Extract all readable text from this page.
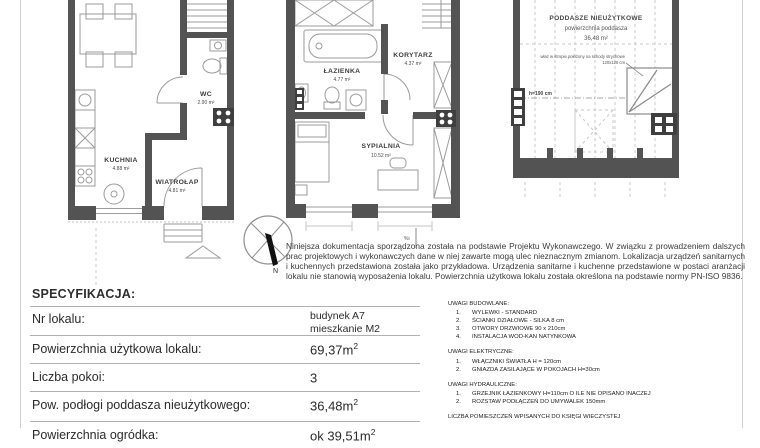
KUCHNIA
4.88 m²
WC
2.90 m²
WIATROŁAP
4.81 m²
ŁAZIENKA
4.77 m²
KORYTARZ
4.37 m²
SYPIALNIA
10.52 m²
%i
PODDASZE NIEUŻYTKOWE
powierzchnia poddasza
36,48 m²
właz w stropie położony na schody strychowe
120x120 cm
h=190 cm
N
Niniejsza dokumentacja sporządzona została na podstawie Projektu Wykonawczego. W związku z prowadzeniem dalszych prac projektowych i wykonawczych dane w niej zawarte mogą ulec nieznacznym zmianom. Lokalizacja urządzeń sanitarnych i kuchennych przedstawiona została jako przykładowa. Urządzenia sanitarne i kuchenne przedstawione w postaci aranżacji lokalu nie stanowią wyposażenia lokalu. Powierzchnia użytkowa lokalu została określona na podstawie normy PN-ISO 9836.
SPECYFIKACJA:
Nr lokalu:	budynek A7
mieszkanie M2
Powierzchnia użytkowa lokalu:	$69,37m^2$
Liczba pokoi:	3
Pow. podłogi poddasza nieużytkowego:	$36,48m^2$
Powierzchnia ogródka:	ok $39,51m^2$
UWAGI BUDOWLANE:
1.	WYLEWKI - STANDARD
2.	ŚCIANKI DZIAŁOWE - SILKA 8 cm
3.	OTWORY DRZWIOWE 90 x 210cm
4.	INSTALACJA WOD-KAN NATYNKOWA
UWAGI ELEKTRYCZNE:
1.	WŁĄCZNIKI ŚWIATŁA H = 120cm
2.	GNIAZDA ZASILAJĄCE W POKOJACH H=30cm
UWAGI HYDRAULICZNE:
1.	GRZEJNIK ŁAZIENKOWY H=110cm O ILE NIE OPISANO INACZEJ
2.	ROZSTAW PODŁĄCZEŃ DO UMYWALEK 150mm
LICZBA POMIESZCZEŃ WPISANYCH DO KSIĘGI WIECZYSTEJ
